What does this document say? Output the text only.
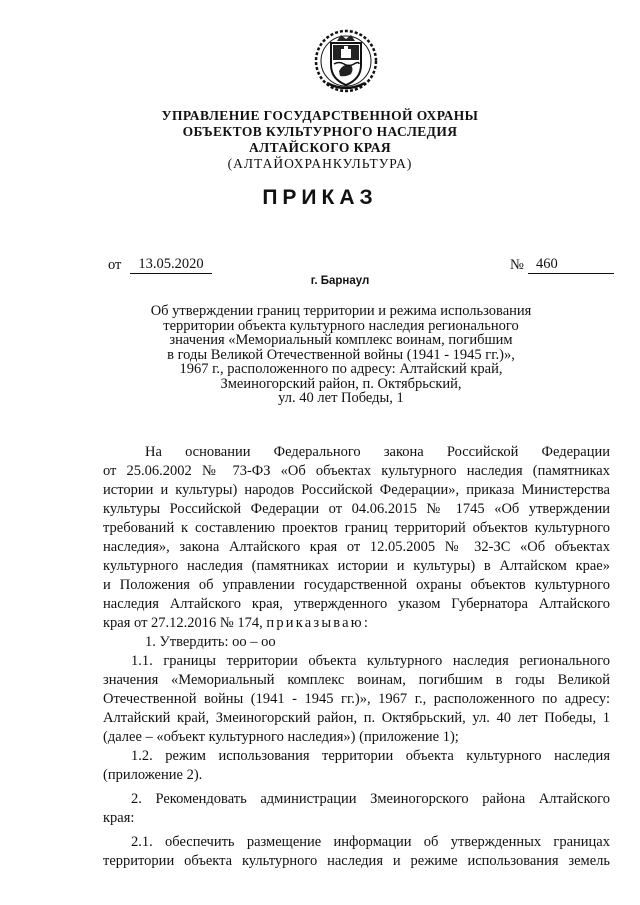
УПРАВЛЕНИЕ ГОСУДАРСТВЕННОЙ ОХРАНЫ
ОБЪЕКТОВ КУЛЬТУРНОГО НАСЛЕДИЯ
АЛТАЙСКОГО КРАЯ
(АЛТАЙОХРАНКУЛЬТУРА)
ПРИКАЗ
от	13.05.2020	№ 460
г. Барнаул
Об утверждении границ территории и режима использования
территории объекта культурного наследия регионального
значения «Мемориальный комплекс воинам, погибшим
в годы Великой Отечественной войны (1941 - 1945 гг.)»,
1967 г., расположенного по адресу: Алтайский край,
Змеиногорский район, п. Октябрьский,
ул. 40 лет Победы, 1
На основании Федерального закона Российской Федерации
от 25.06.2002 № 73-ФЗ «Об объектах культурного наследия (памятниках
истории и культуры) народов Российской Федерации», приказа Министерства
культуры Российской Федерации от 04.06.2015 № 1745 «Об утверждении
требований к составлению проектов границ территорий объектов культурного
наследия», закона Алтайского края от 12.05.2005 № 32-ЗС «Об объектах
культурного наследия (памятниках истории и культуры) в Алтайском крае»
и Положения об управлении государственной охраны объектов культурного
наследия Алтайского края, утвержденного указом Губернатора Алтайского
края от 27.12.2016 № 174, приказываю:
1. Утвердить: оо – оо
1.1. границы территории объекта культурного наследия регионального
значения «Мемориальный комплекс воинам, погибшим в годы Великой
Отечественной войны (1941 - 1945 гг.)», 1967 г., расположенного по адресу:
Алтайский край, Змеиногорский район, п. Октябрьский, ул. 40 лет Победы, 1
(далее – «объект культурного наследия») (приложение 1);
1.2. режим использования территории объекта культурного наследия
(приложение 2).
2. Рекомендовать администрации Змеиногорского района Алтайского
края:
2.1. обеспечить размещение информации об утвержденных границах
территории объекта культурного наследия и режиме использования земель
